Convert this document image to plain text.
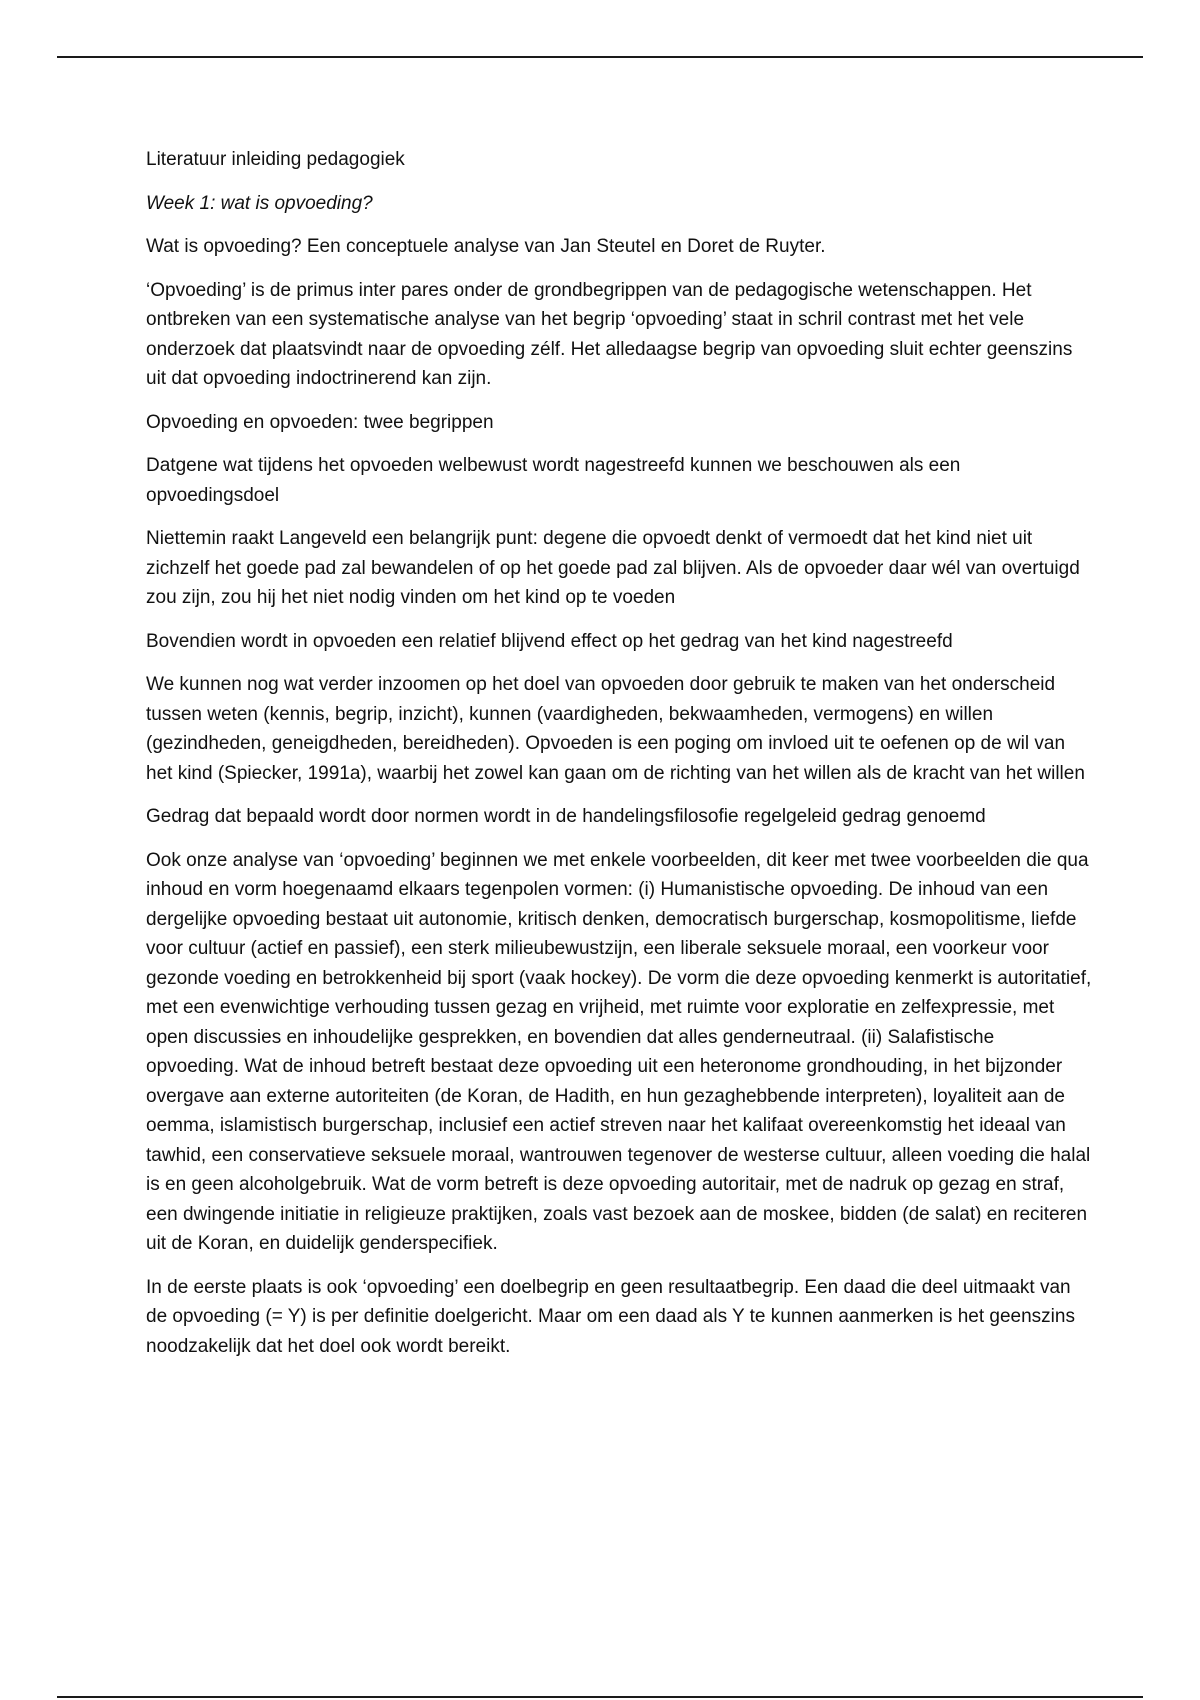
Literatuur inleiding pedagogiek

Week 1: wat is opvoeding?

Wat is opvoeding? Een conceptuele analyse van Jan Steutel en Doret de Ruyter.

‘Opvoeding’ is de primus inter pares onder de grondbegrippen van de pedagogische wetenschappen. Het ontbreken van een systematische analyse van het begrip ‘opvoeding’ staat in schril contrast met het vele onderzoek dat plaatsvindt naar de opvoeding zélf. Het alledaagse begrip van opvoeding sluit echter geenszins uit dat opvoeding indoctrinerend kan zijn.

Opvoeding en opvoeden: twee begrippen

Datgene wat tijdens het opvoeden welbewust wordt nagestreefd kunnen we beschouwen als een opvoedingsdoel

Niettemin raakt Langeveld een belangrijk punt: degene die opvoedt denkt of vermoedt dat het kind niet uit zichzelf het goede pad zal bewandelen of op het goede pad zal blijven. Als de opvoeder daar wél van overtuigd zou zijn, zou hij het niet nodig vinden om het kind op te voeden

Bovendien wordt in opvoeden een relatief blijvend effect op het gedrag van het kind nagestreefd

We kunnen nog wat verder inzoomen op het doel van opvoeden door gebruik te maken van het onderscheid tussen weten (kennis, begrip, inzicht), kunnen (vaardigheden, bekwaamheden, vermogens) en willen (gezindheden, geneigdheden, bereidheden). Opvoeden is een poging om invloed uit te oefenen op de wil van het kind (Spiecker, 1991a), waarbij het zowel kan gaan om de richting van het willen als de kracht van het willen

Gedrag dat bepaald wordt door normen wordt in de handelingsfilosofie regelgeleid gedrag genoemd

Ook onze analyse van ‘opvoeding’ beginnen we met enkele voorbeelden, dit keer met twee voorbeelden die qua inhoud en vorm hoegenaamd elkaars tegenpolen vormen: (i) Humanistische opvoeding. De inhoud van een dergelijke opvoeding bestaat uit autonomie, kritisch denken, democratisch burgerschap, kosmopolitisme, liefde voor cultuur (actief en passief), een sterk milieubewustzijn, een liberale seksuele moraal, een voorkeur voor gezonde voeding en betrokkenheid bij sport (vaak hockey). De vorm die deze opvoeding kenmerkt is autoritatief, met een evenwichtige verhouding tussen gezag en vrijheid, met ruimte voor exploratie en zelfexpressie, met open discussies en inhoudelijke gesprekken, en bovendien dat alles genderneutraal. (ii) Salafistische opvoeding. Wat de inhoud betreft bestaat deze opvoeding uit een heteronome grondhouding, in het bijzonder overgave aan externe autoriteiten (de Koran, de Hadith, en hun gezaghebbende interpreten), loyaliteit aan de oemma, islamistisch burgerschap, inclusief een actief streven naar het kalifaat overeenkomstig het ideaal van tawhid, een conservatieve seksuele moraal, wantrouwen tegenover de westerse cultuur, alleen voeding die halal is en geen alcoholgebruik. Wat de vorm betreft is deze opvoeding autoritair, met de nadruk op gezag en straf, een dwingende initiatie in religieuze praktijken, zoals vast bezoek aan de moskee, bidden (de salat) en reciteren uit de Koran, en duidelijk genderspecifiek.

In de eerste plaats is ook ‘opvoeding’ een doelbegrip en geen resultaatbegrip. Een daad die deel uitmaakt van de opvoeding (= Y) is per definitie doelgericht. Maar om een daad als Y te kunnen aanmerken is het geenszins noodzakelijk dat het doel ook wordt bereikt.
